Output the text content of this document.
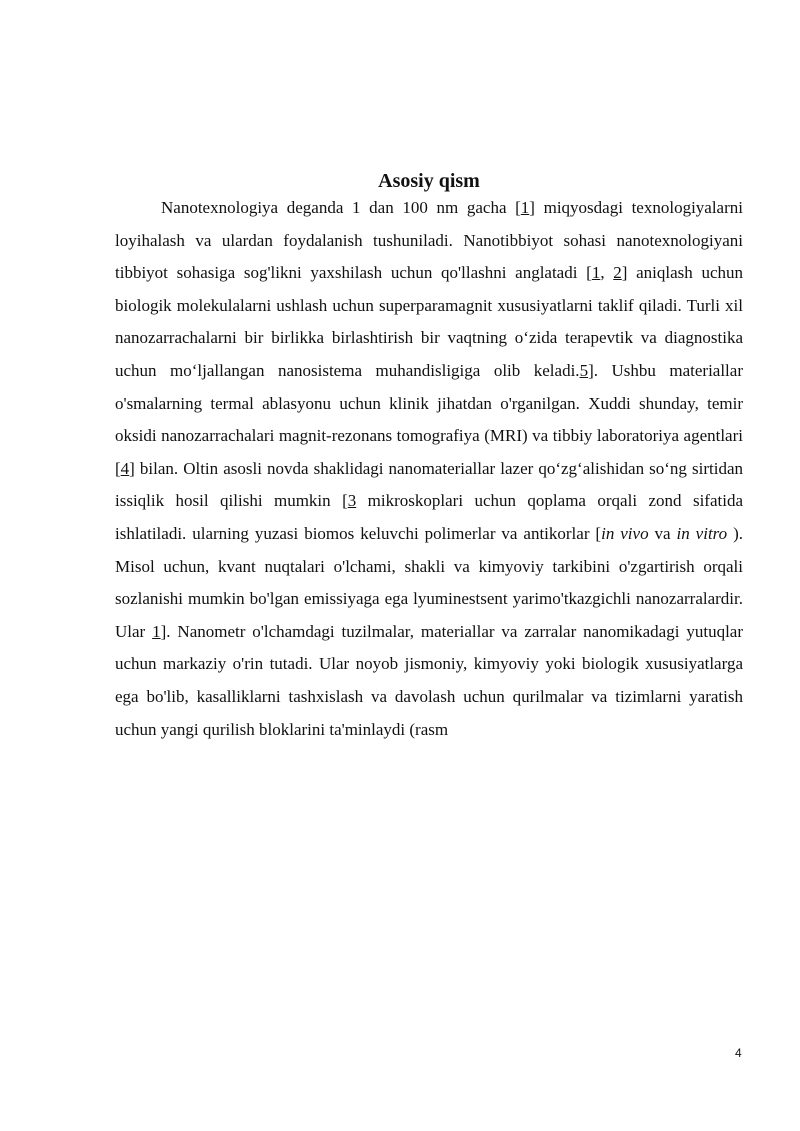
Asosiy qism

Nanotexnologiya deganda 1 dan 100 nm gacha [1] miqyosdagi texnologiyalarni loyihalash va ulardan foydalanish tushuniladi. Nanotibbiyot sohasi nanotexnologiyani tibbiyot sohasiga sog'likni yaxshilash uchun qo'llashni anglatadi [1, 2] aniqlash uchun biologik molekulalarni ushlash uchun superparamagnit xususiyatlarni taklif qiladi. Turli xil nanozarrachalarni bir birlikka birlashtirish bir vaqtning o‘zida terapevtik va diagnostika uchun mo‘ljallangan nanosistema muhandisligiga olib keladi.5]. Ushbu materiallar o'smalarning termal ablasyonu uchun klinik jihatdan o'rganilgan. Xuddi shunday, temir oksidi nanozarrachalari magnit-rezonans tomografiya (MRI) va tibbiy laboratoriya agentlari [4] bilan. Oltin asosli novda shaklidagi nanomateriallar lazer qo‘zg‘alishidan so‘ng sirtidan issiqlik hosil qilishi mumkin [3 mikroskoplari uchun qoplama orqali zond sifatida ishlatiladi. ularning yuzasi biomos keluvchi polimerlar va antikorlar [in vivo va in vitro ). Misol uchun, kvant nuqtalari o'lchami, shakli va kimyoviy tarkibini o'zgartirish orqali sozlanishi mumkin bo'lgan emissiyaga ega lyuminestsent yarimo'tkazgichli nanozarralardir. Ular 1]. Nanometr o'lchamdagi tuzilmalar, materiallar va zarralar nanomikadagi yutuqlar uchun markaziy o'rin tutadi. Ular noyob jismoniy, kimyoviy yoki biologik xususiyatlarga ega bo'lib, kasalliklarni tashxislash va davolash uchun qurilmalar va tizimlarni yaratish uchun yangi qurilish bloklarini ta'minlaydi (rasm

4
